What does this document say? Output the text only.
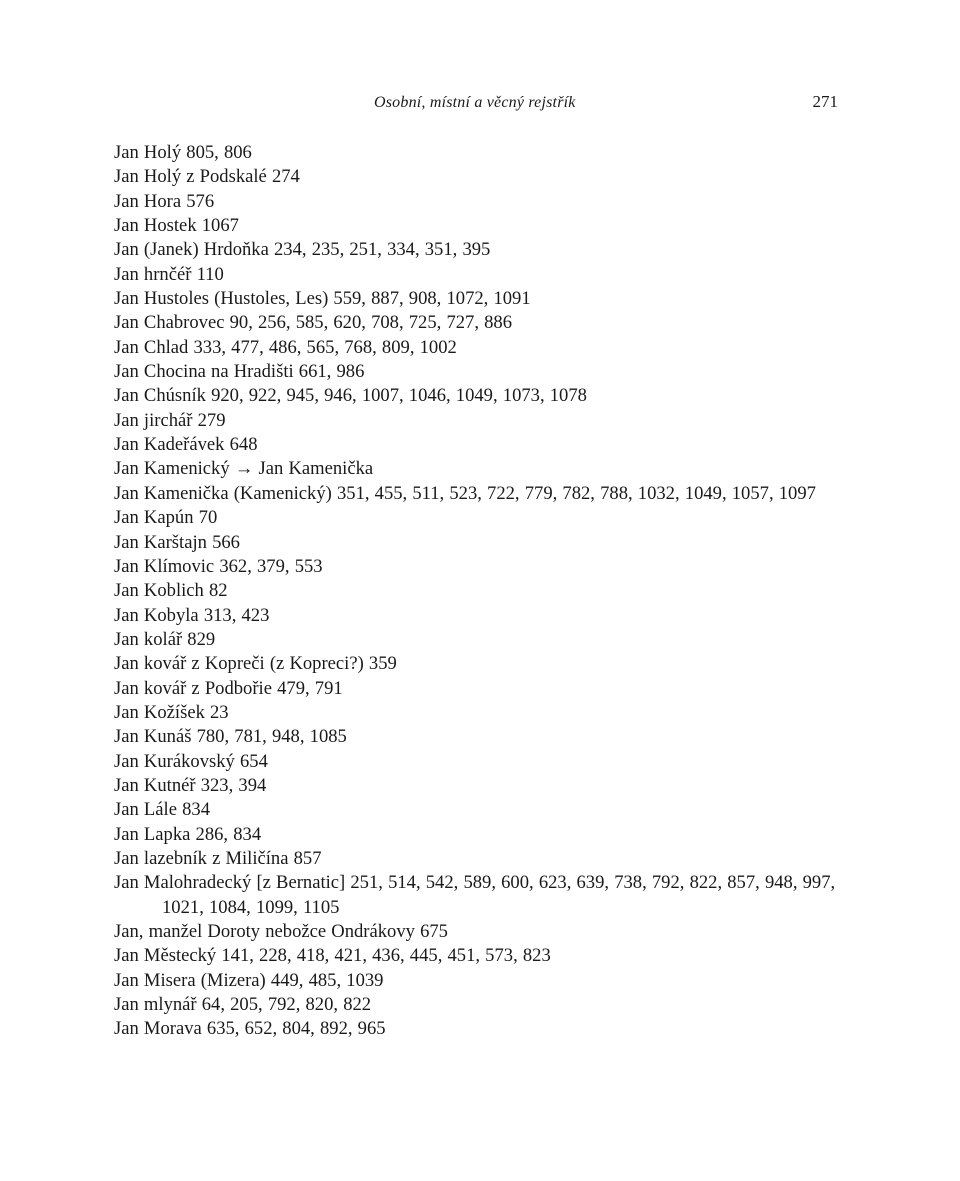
Osobní, místní a věcný rejstřík	271
Jan Holý 805, 806
Jan Holý z Podskalé 274
Jan Hora 576
Jan Hostek 1067
Jan (Janek) Hrdoňka 234, 235, 251, 334, 351, 395
Jan hrnčéř 110
Jan Hustoles (Hustoles, Les) 559, 887, 908, 1072, 1091
Jan Chabrovec 90, 256, 585, 620, 708, 725, 727, 886
Jan Chlad 333, 477, 486, 565, 768, 809, 1002
Jan Chocina na Hradišti 661, 986
Jan Chúsník 920, 922, 945, 946, 1007, 1046, 1049, 1073, 1078
Jan jirchář 279
Jan Kadeřávek 648
Jan Kamenický → Jan Kamenička
Jan Kamenička (Kamenický) 351, 455, 511, 523, 722, 779, 782, 788, 1032, 1049, 1057, 1097
Jan Kapún 70
Jan Karštajn 566
Jan Klímovic 362, 379, 553
Jan Koblich 82
Jan Kobyla 313, 423
Jan kolář 829
Jan kovář z Kopreči (z Kopreci?) 359
Jan kovář z Podbořie 479, 791
Jan Kožíšek 23
Jan Kunáš 780, 781, 948, 1085
Jan Kurákovský 654
Jan Kutnéř 323, 394
Jan Lále 834
Jan Lapka 286, 834
Jan lazebník z Miličína 857
Jan Malohradecký [z Bernatic] 251, 514, 542, 589, 600, 623, 639, 738, 792, 822, 857, 948, 997, 1021, 1084, 1099, 1105
Jan, manžel Doroty nebožce Ondrákovy 675
Jan Městecký 141, 228, 418, 421, 436, 445, 451, 573, 823
Jan Misera (Mizera) 449, 485, 1039
Jan mlynář 64, 205, 792, 820, 822
Jan Morava 635, 652, 804, 892, 965
